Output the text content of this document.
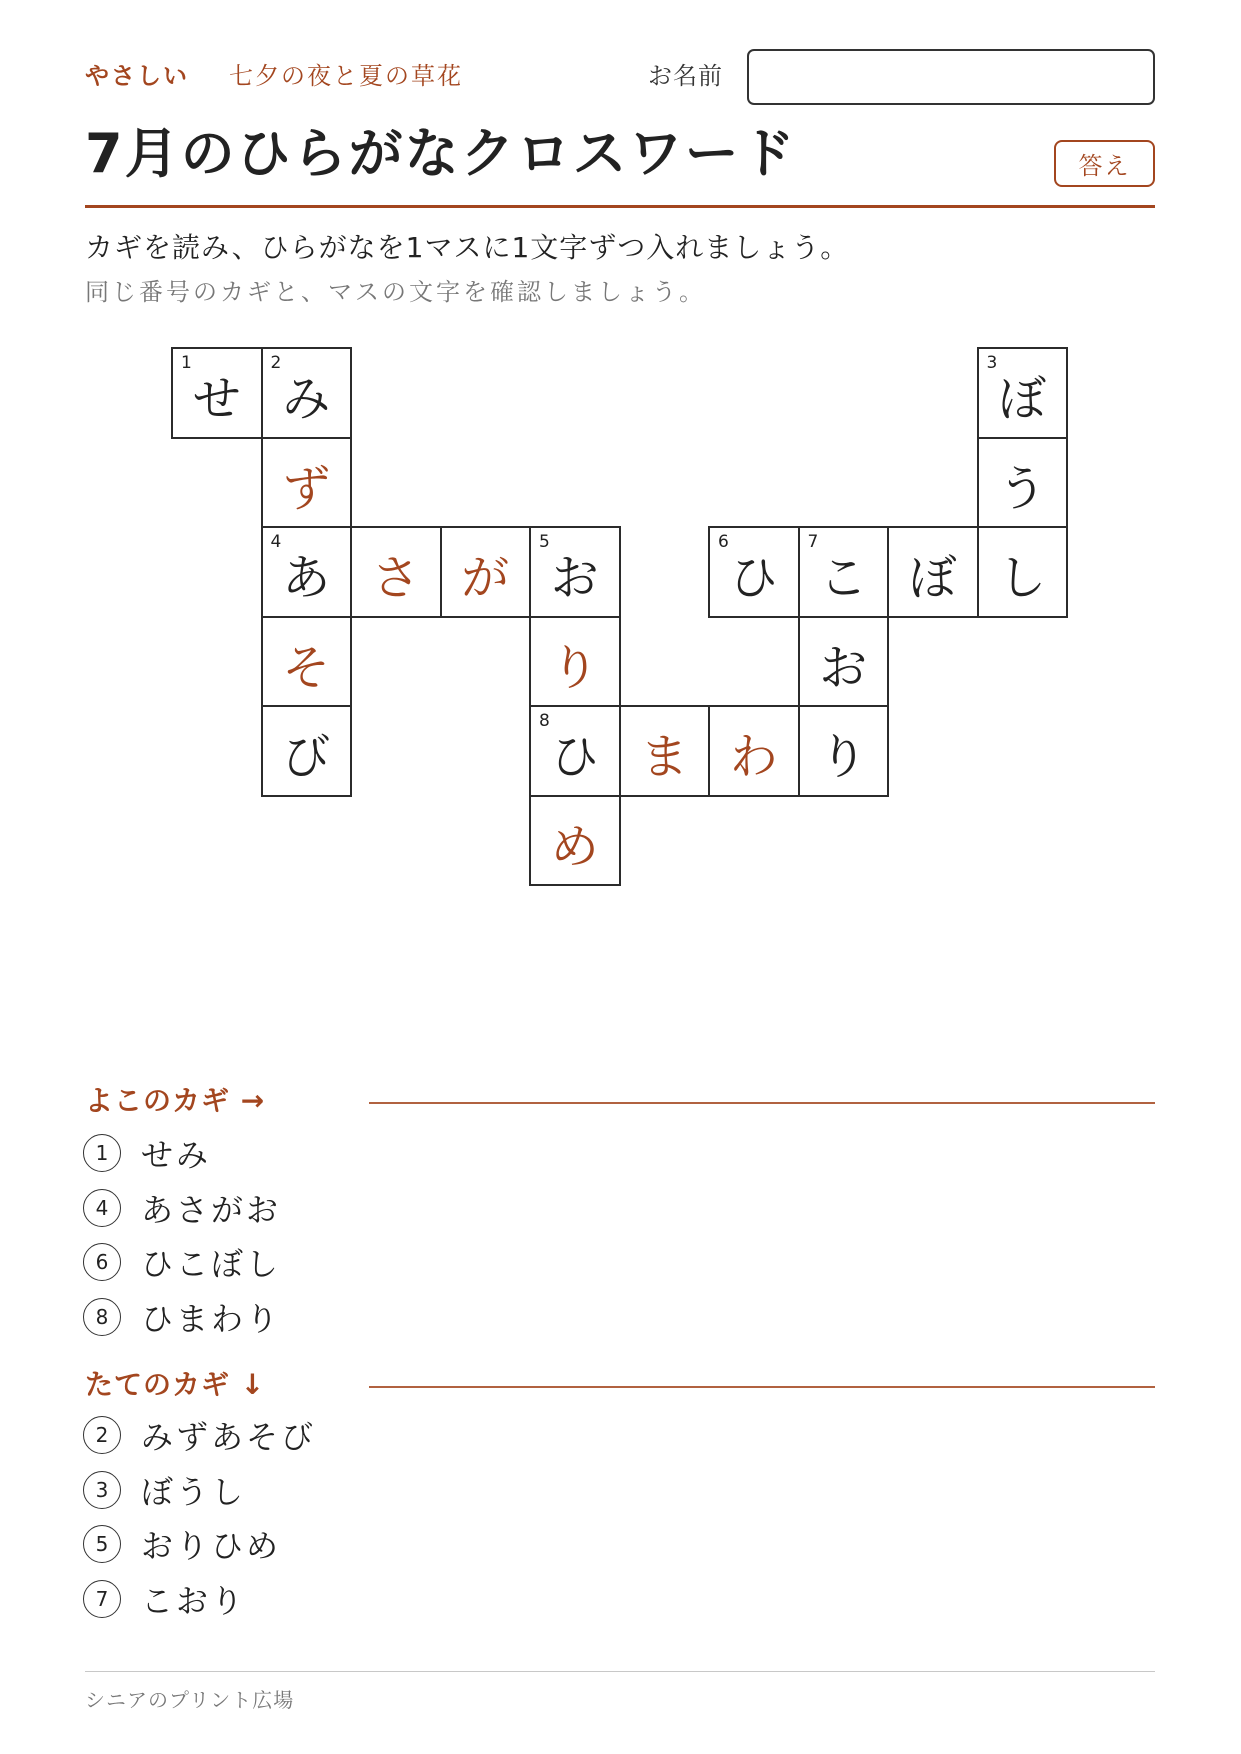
やさしい 七夕の夜と夏の草花	お名前
7月のひらがなクロスワード	答え

カギを読み、ひらがなを1マスに1文字ずつ入れましょう。

同じ番号のカギと、マスの文字を確認しましょう。

1
せ
2
み
3
ぼ
ず	う
4
あ さ が
5
お
6
ひ
7
こ ぼ し
そ	り	お
び
8
ひ ま わ り
め
よこのカギ →
1	せみ
4	あさがお
6	ひこぼし
8	ひまわり
たてのカギ ↓
2	みずあそび
3	ぼうし
5	おりひめ
7	こおり
シニアのプリント広場
